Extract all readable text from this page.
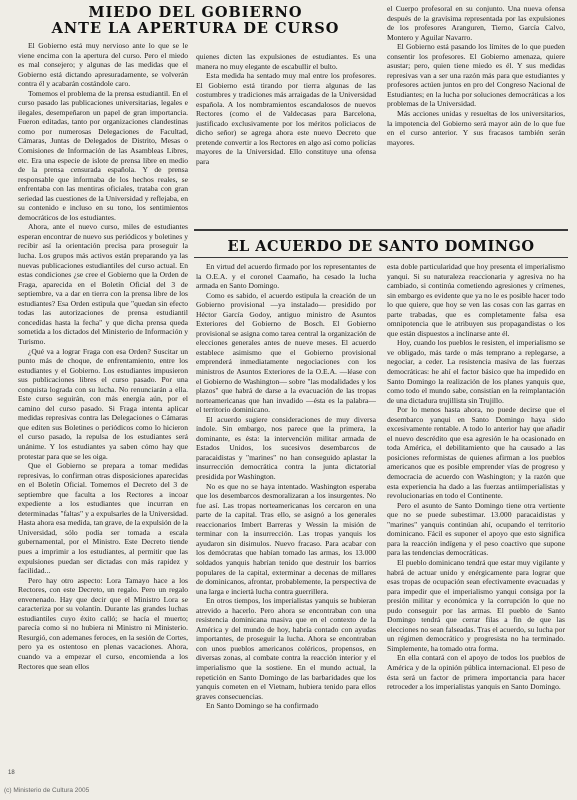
MIEDO DEL GOBIERNO
ANTE LA APERTURA DE CURSO

El Gobierno está muy nervioso ante lo que se le viene encima con la apertura del curso. Pero el miedo es mal consejero; y algunas de las medidas que el Gobierno está dictando apresuradamente, se volverán contra él y acabarán costándole caro.

Tomemos el problema de la prensa estudiantil. En el curso pasado las publicaciones universitarias, legales e ilegales, desempeñaron un papel de gran importancia. Fueron editadas, tanto por organizaciones clandestinas como por numerosas Delegaciones de Facultad, Cámaras, Juntas de Delegados de Distrito, Mesas o Comisiones de Información de las Asambleas Libres, etc. Era una especie de islote de prensa libre en medio de la prensa censurada española. Y de prensa responsable que informaba de los hechos reales, se enfrentaba con las mentiras oficiales, trataba con gran seriedad las cuestiones de la Universidad y reflejaba, en su contenido e incluso en su tono, los sentimientos democráticos de los estudiantes.

Ahora, ante el nuevo curso, miles de estudiantes esperan encontrar de nuevo sus periódicos y boletines y recibir así la orientación precisa para proseguir la lucha. Los grupos más activos están preparando ya las nuevas publicaciones estudiantiles del curso actual. En estas condiciones ¿se cree el Gobierno que la Orden de Fraga, aparecida en el Boletín Oficial del 3 de septiembre, va a dar en tierra con la prensa libre de los estudiantes? Esa Orden estipula que "quedan sin efecto todas las autorizaciones de prensa estudiantil concedidas hasta la fecha" y que dicha prensa queda sometida a los dictados del Ministerio de Información y Turismo.

¿Qué va a lograr Fraga con esa Orden? Suscitar un punto más de choque, de enfrentamiento, entre los estudiantes y el Gobierno. Los estudiantes impusieron sus publicaciones libres el curso pasado. Por una conquista lograda con su lucha. No renunciarán a ella. Este curso seguirán, con más energía aún, por el camino del curso pasado. Si Fraga intenta aplicar medidas represivas contra las Delegaciones o Cámaras que editen sus Boletines o periódicos como lo hicieron el curso pasado, la repulsa de los estudiantes será unánime. Y los estudiantes ya saben cómo hay que protestar para que se les oiga.

Que el Gobierno se prepara a tomar medidas represivas, lo confirman otras disposiciones aparecidas en el Boletín Oficial. Tomemos el Decreto del 3 de septiembre que faculta a los Rectores a incoar expediente a los estudiantes que incurran en determinadas "faltas" y a expulsarles de la Universidad. Hasta ahora esa medida, tan grave, de la expulsión de la Universidad, sólo podía ser tomada a escala gubernamental, por el Ministro. Este Decreto tiende pues a imprimir a los estudiantes, al permitir que las expulsiones puedan ser dictadas con más rapidez y facilidad...

Pero hay otro aspecto: Lora Tamayo hace a los Rectores, con este Decreto, un regalo. Pero un regalo envenenado. Hay que decir que el Ministro Lora se caracteriza por su volantín. Durante las grandes luchas estudiantiles cuyo éxito calló; se hacía el muerto; parecía como si no hubiera ni Ministro ni Ministerio. Resurgió, con ademanes feroces, en la sesión de Cortes, pero ya es ostentoso en plenas vacaciones. Ahora, cuando va a empezar el curso, encomienda a los Rectores que sean ellos

quienes dicten las expulsiones de estudiantes. Es una manera no muy elegante de escabullir el bulto.

Esta medida ha sentado muy mal entre los profesores. El Gobierno está tirando por tierra algunas de las costumbres y tradiciones más arraigadas de la Universidad española. A los nombramientos escandalosos de nuevos Rectores (como el de Valdecasas para Barcelona, justificado exclusivamente por los méritos policiacos de dicho señor) se agrega ahora este nuevo Decreto que pretende convertir a los Rectores en algo así como policías mayores de la Universidad. Ello constituye una ofensa para

el Cuerpo profesoral en su conjunto. Una nueva ofensa después de la gravísima representada por las expulsiones de los profesores Aranguren, Tierno, García Calvo, Montero y Aguilar Navarro.

El Gobierno está pasando los límites de lo que pueden consentir los profesores. El Gobierno amenaza, quiere asustar; pero, quien tiene miedo es él. Y sus medidas represivas van a ser una razón más para que estudiantes y profesores actúen juntos en pro del Congreso Nacional de Estudiantes; en la lucha por soluciones democráticas a los problemas de la Universidad.

Más acciones unidas y resueltas de los universitarios, la impotencia del Gobierno será mayor aún de lo que fue en el curso anterior. Y sus fracasos también serán mayores.

EL ACUERDO DE SANTO DOMINGO

En virtud del acuerdo firmado por los representantes de la O.E.A. y el coronel Caamaño, ha cesado la lucha armada en Santo Domingo.

Como es sabido, el acuerdo estipula la creación de un Gobierno provisional —ya instalado— presidido por Héctor García Godoy, antiguo ministro de Asuntos Exteriores del Gobierno de Bosch. El Gobierno provisional se asigna como tarea central la organización de elecciones generales antes de nueve meses. El acuerdo establece asimismo que el Gobierno provisional emprenderá inmediatamente negociaciones con los ministros de Asuntos Exteriores de la O.E.A. —léase con el Gobierno de Washington— sobre "las modalidades y los plazos" que habrá de darse a la evacuación de las tropas norteamericanas que han invadido —ésta es la palabra— el territorio dominicano.

El acuerdo sugiere consideraciones de muy diversa índole. Sin embargo, nos parece que la primera, la dominante, es ésta: la intervención militar armada de Estados Unidos, los sucesivos desembarcos de paracaidistas y "marines" no han conseguido aplastar la insurrección democrática contra la junta dictatorial presidida por Washington.

No es que no se haya intentado. Washington esperaba que los desembarcos desmoralizaran a los insurgentes. No fue así. Las tropas norteamericanas los cercaron en una parte de la capital. Tras ello, se asignó a los generales reaccionarios Imbert Barreras y Wessin la misión de terminar con la insurrección. Las tropas yanquis los ayudaron sin disimulos. Nuevo fracaso. Para acabar con los demócratas que habían tomado las armas, los 13.000 soldados yanquis habrían tenido que destruir los barrios populares de la capital, exterminar a decenas de millares de dominicanos, afrontar, probablemente, la perspectiva de una larga e inciertà lucha contra guerrillera.

En otros tiempos, los imperialistas yanquis se hubieran atrevido a hacerlo. Pero ahora se encontraban con una resistencia dominicana masiva que en el contexto de la América y del mundo de hoy, habría contado con ayudas importantes, de proseguir la lucha. Ahora se encontraban con unos pueblos americanos coléricos, propensos, en diversas zonas, al combate contra la reacción interior y el imperialismo que la sostiene. En el mundo actual, la repetición en Santo Domingo de las barbaridades que los yanquis cometen en el Vietnam, hubiera tenido para ellos graves consecuencias.

En Santo Domingo se ha confirmado

esta doble particularidad que hoy presenta el imperialismo yanqui. Si su naturaleza reaccionaria y agresiva no ha cambiado, si continúa cometiendo agresiones y crímenes, sin embargo es evidente que ya no le es posible hacer todo lo que quiere, que hoy se ven las cosas con las garras en parte trabadas, que es completamente falsa esa omnipotencia que le atribuyen sus propagandistas o los que están dispuestos a inclinarse ante él.

Hoy, cuando los pueblos le resisten, el imperialismo se ve obligado, más tarde o más temprano a replegarse, a negociar, a ceder. La resistencia masiva de las fuerzas democráticas: he ahí el factor básico que ha impedido en Santo Domingo la realización de los planes yanquis que, como todo el mundo sabe, consistían en la reimplantación de una dictadura trujillista sin Trujillo.

Por lo menos hasta ahora, no puede decirse que el desembarco yanqui en Santo Domingo haya sido excesivamente rentable. A todo lo anterior hay que añadir el nuevo descrédito que esa agresión le ha ocasionado en toda América, el debilitamiento que ha causado a las posiciones reformistas de quienes afirman a los pueblos americanos que es posible emprender vías de progreso y democracia de acuerdo con Washington; y la razón que esta experiencia ha dado a las fuerzas antiimperialistas y revolucionarias en todo el Continente.

Pero el asunto de Santo Domingo tiene otra vertiente que no se puede subestimar. 13.000 paracaidistas y "marines" yanquis continúan ahí, ocupando el territorio dominicano. Fácil es suponer el apoyo que esto significa para la reacción indígena y el peso coactivo que supone para las tendencias democráticas.

El pueblo dominicano tendrá que estar muy vigilante y habrá de actuar unido y enérgicamente para lograr que esas tropas de ocupación sean efectivamente evacuadas y para impedir que el imperialismo yanqui consiga por la presión militar y económica y la corrupción lo que no pudo conseguir por las armas. El pueblo de Santo Domingo tendrá que cerrar filas a fin de que las elecciones no sean falseadas. Tras el acuerdo, su lucha por un régimen democrático y progresista no ha terminado. Simplemente, ha tomado otra forma.

En ella contará con el apoyo de todos los pueblos de América y de la opinión pública internacional. El peso de ésta será un factor de primera importancia para hacer retroceder a los imperialistas yanquis en Santo Domingo.

18
(c) Ministerio de Cultura 2005
